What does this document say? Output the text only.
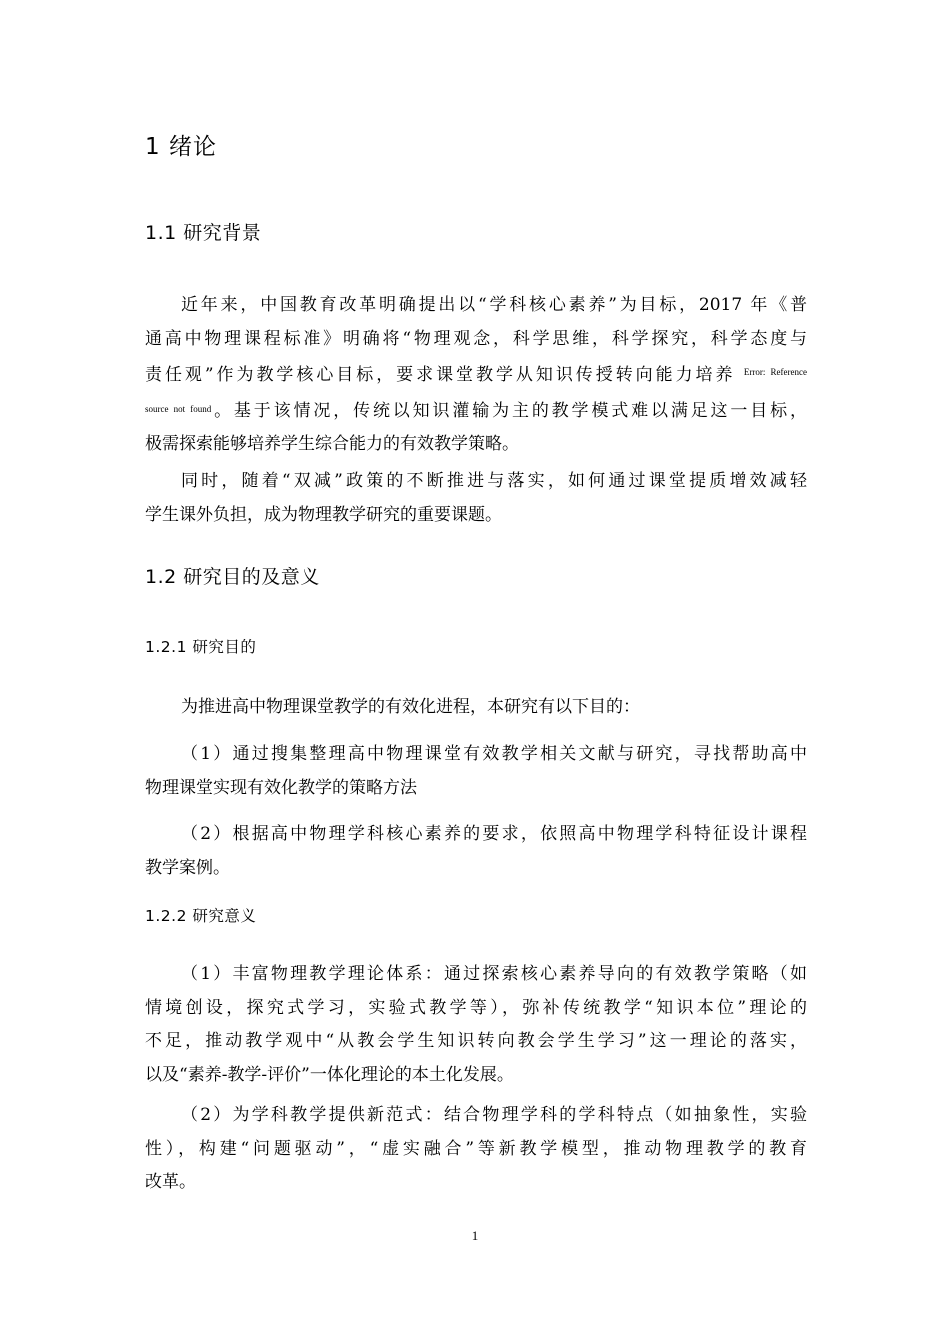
1 绪论
1.1 研究背景
近年来，中国教育改革明确提出以“学科核心素养”为目标，2017 年《普
通高中物理课程标准》明确将“物理观念，科学思维，科学探究，科学态度与
责任观”作为教学核心目标，要求课堂教学从知识传授转向能力培养 $^{Error: Reference}$
$^{source not found}$。基于该情况，传统以知识灌输为主的教学模式难以满足这一目标，
极需探索能够培养学生综合能力的有效教学策略。
同时，随着“双减”政策的不断推进与落实，如何通过课堂提质增效减轻
学生课外负担，成为物理教学研究的重要课题。
1.2 研究目的及意义
1.2.1 研究目的
为推进高中物理课堂教学的有效化进程，本研究有以下目的：
（1）通过搜集整理高中物理课堂有效教学相关文献与研究，寻找帮助高中
物理课堂实现有效化教学的策略方法
（2）根据高中物理学科核心素养的要求，依照高中物理学科特征设计课程
教学案例。
1.2.2 研究意义
（1）丰富物理教学理论体系：通过探索核心素养导向的有效教学策略（如
情境创设，探究式学习，实验式教学等），弥补传统教学“知识本位”理论的
不足，推动教学观中“从教会学生知识转向教会学生学习”这一理论的落实，
以及“素养-教学-评价”一体化理论的本土化发展。
（2）为学科教学提供新范式：结合物理学科的学科特点（如抽象性，实验
性），构建“问题驱动”，“虚实融合”等新教学模型，推动物理教学的教育
改革。
1
